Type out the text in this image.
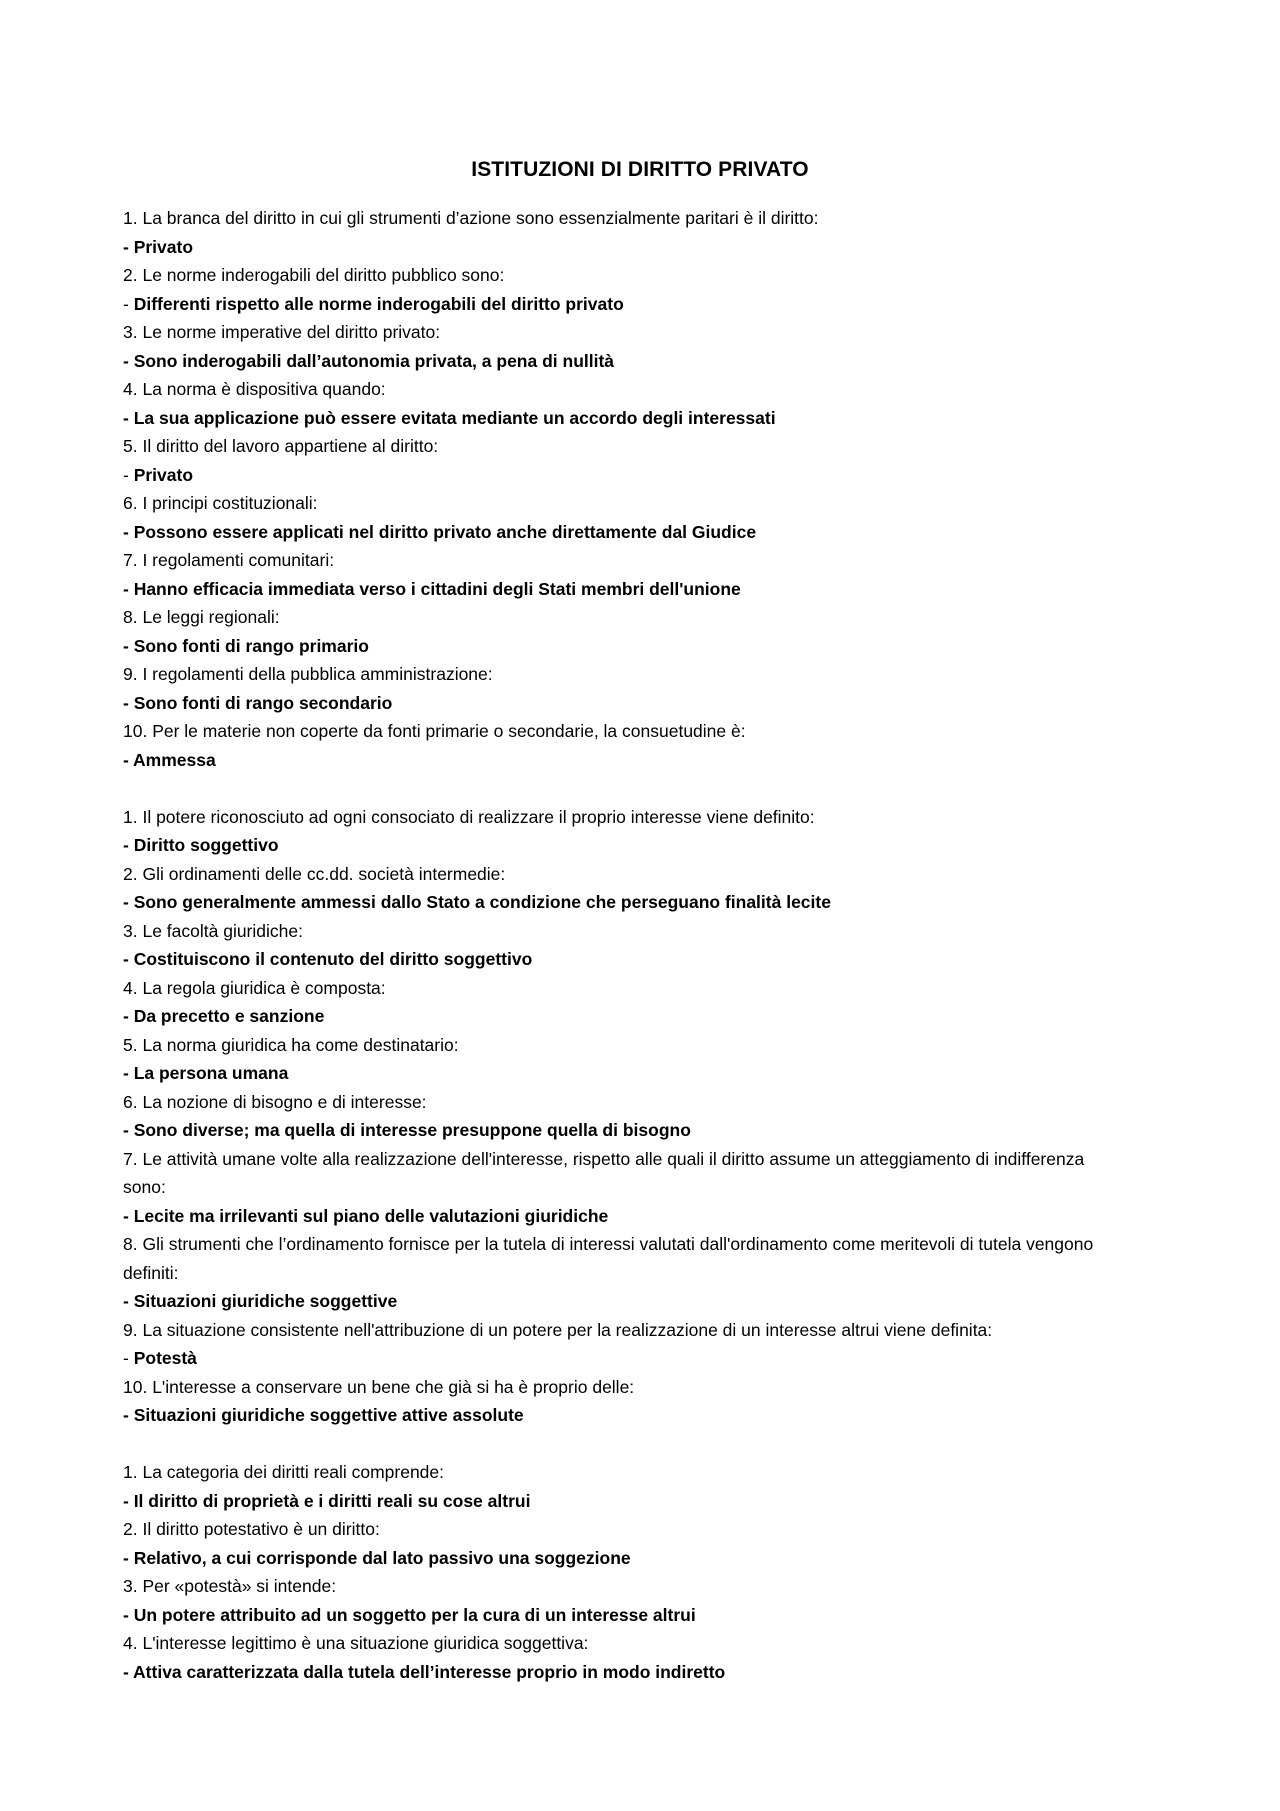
ISTITUZIONI DI DIRITTO PRIVATO

1. La branca del diritto in cui gli strumenti d’azione sono essenzialmente paritari è il diritto:

- Privato

2. Le norme inderogabili del diritto pubblico sono:

- Differenti rispetto alle norme inderogabili del diritto privato

3. Le norme imperative del diritto privato:

- Sono inderogabili dall’autonomia privata, a pena di nullità

4. La norma è dispositiva quando:

- La sua applicazione può essere evitata mediante un accordo degli interessati

5. Il diritto del lavoro appartiene al diritto:

- Privato

6. I principi costituzionali:

- Possono essere applicati nel diritto privato anche direttamente dal Giudice

7. I regolamenti comunitari:

- Hanno efficacia immediata verso i cittadini degli Stati membri dell'unione

8. Le leggi regionali:

- Sono fonti di rango primario

9. I regolamenti della pubblica amministrazione:

- Sono fonti di rango secondario

10. Per le materie non coperte da fonti primarie o secondarie, la consuetudine è:

- Ammessa

1. Il potere riconosciuto ad ogni consociato di realizzare il proprio interesse viene definito:

- Diritto soggettivo

2. Gli ordinamenti delle cc.dd. società intermedie:

- Sono generalmente ammessi dallo Stato a condizione che perseguano finalità lecite

3. Le facoltà giuridiche:

- Costituiscono il contenuto del diritto soggettivo

4. La regola giuridica è composta:

- Da precetto e sanzione

5. La norma giuridica ha come destinatario:

- La persona umana

6. La nozione di bisogno e di interesse:

- Sono diverse; ma quella di interesse presuppone quella di bisogno

7. Le attività umane volte alla realizzazione dell'interesse, rispetto alle quali il diritto assume un atteggiamento di indifferenza sono:

- Lecite ma irrilevanti sul piano delle valutazioni giuridiche

8. Gli strumenti che l’ordinamento fornisce per la tutela di interessi valutati dall'ordinamento come meritevoli di tutela vengono definiti:

- Situazioni giuridiche soggettive

9. La situazione consistente nell'attribuzione di un potere per la realizzazione di un interesse altrui viene definita:

- Potestà

10. L'interesse a conservare un bene che già si ha è proprio delle:

- Situazioni giuridiche soggettive attive assolute

1. La categoria dei diritti reali comprende:

- Il diritto di proprietà e i diritti reali su cose altrui

2. Il diritto potestativo è un diritto:

- Relativo, a cui corrisponde dal lato passivo una soggezione

3. Per «potestà» si intende:

- Un potere attribuito ad un soggetto per la cura di un interesse altrui

4. L'interesse legittimo è una situazione giuridica soggettiva:

- Attiva caratterizzata dalla tutela dell’interesse proprio in modo indiretto
